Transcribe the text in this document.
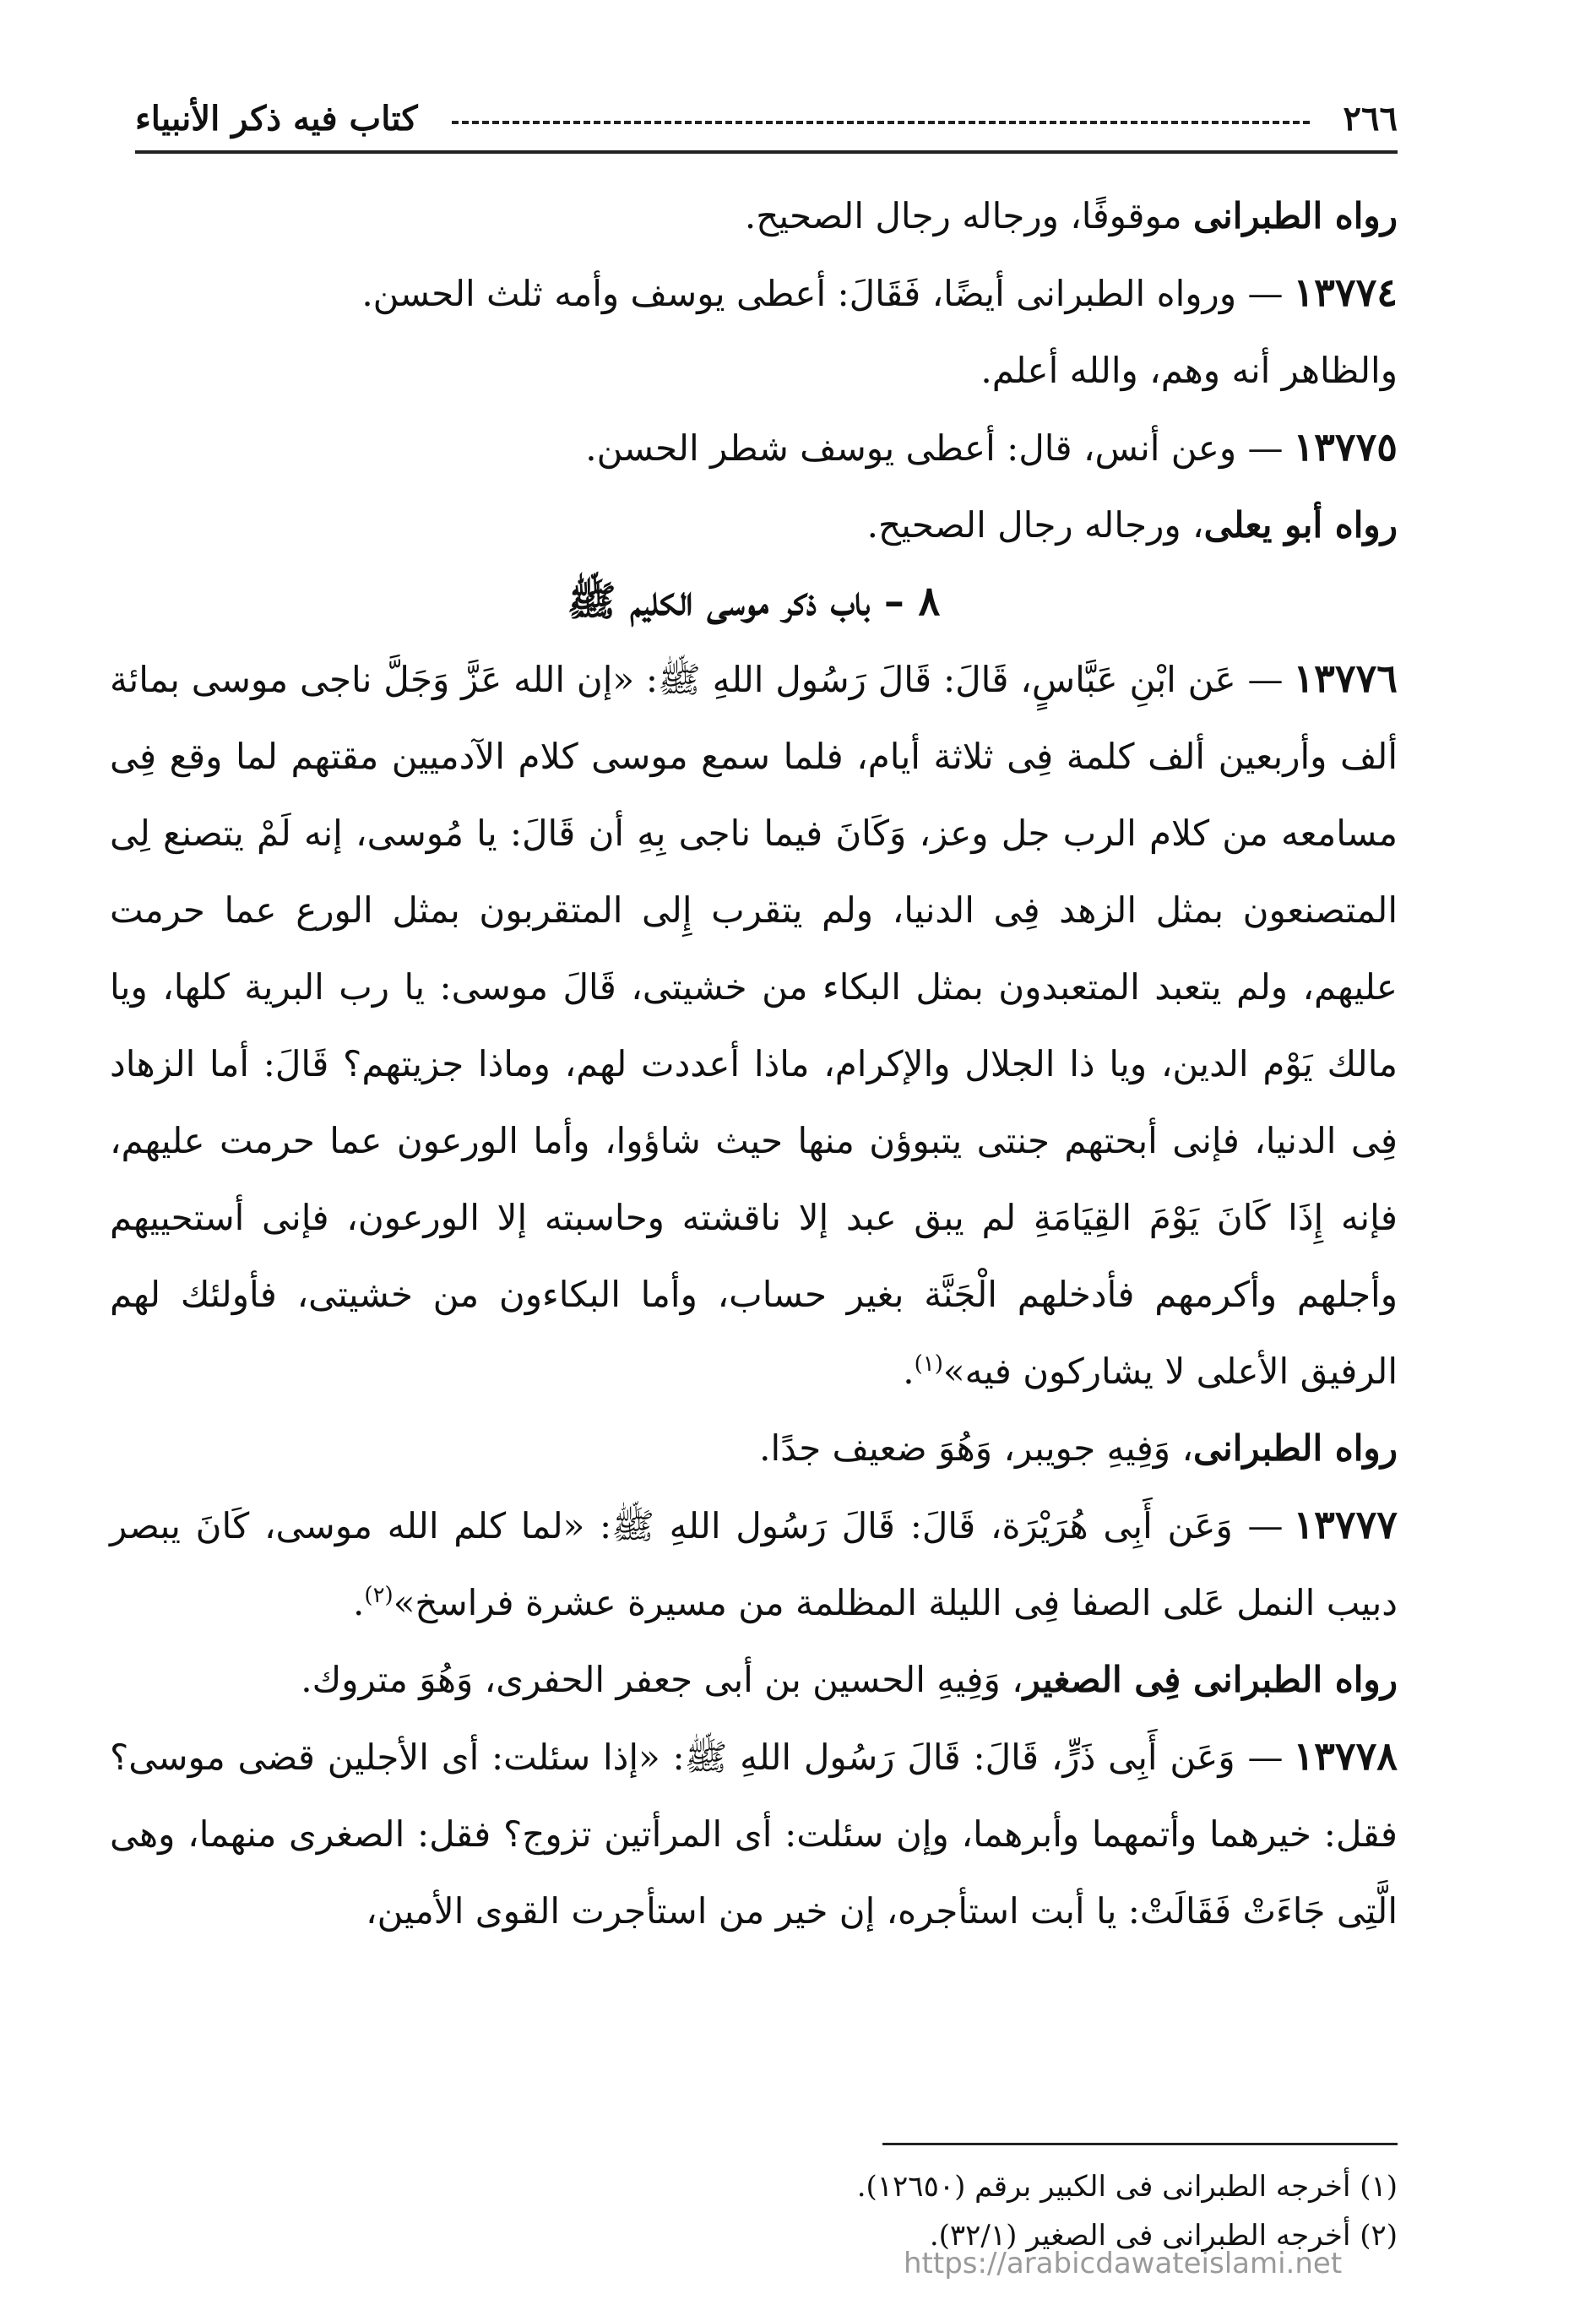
٢٦٦
كتاب فيه ذكر الأنبياء

رواه الطبرانى موقوفًا، ورجاله رجال الصحيح.

١٣٧٧٤— ورواه الطبرانى أيضًا، فَقَالَ: أعطى يوسف وأمه ثلث الحسن.

والظاهر أنه وهم، والله أعلم.

١٣٧٧٥— وعن أنس، قال: أعطى يوسف شطر الحسن.

رواه أبو يعلى، ورجاله رجال الصحيح.

٨ – باب ذكر موسى الكليم ﷺ

١٣٧٧٦— عَن ابْنِ عَبَّاسٍ، قَالَ: قَالَ رَسُول اللهِ ﷺ: «إن الله عَزَّ وَجَلَّ ناجى موسى بمائة ألف وأربعين ألف كلمة فِى ثلاثة أيام، فلما سمع موسى كلام الآدميين مقتهم لما وقع فِى مسامعه من كلام الرب جل وعز، وَكَانَ فيما ناجى بِهِ أن قَالَ: يا مُوسى، إنه لَمْ يتصنع لِى المتصنعون بمثل الزهد فِى الدنيا، ولم يتقرب إِلى المتقربون بمثل الورع عما حرمت عليهم، ولم يتعبد المتعبدون بمثل البكاء من خشيتى، قَالَ موسى: يا رب البرية كلها، ويا مالك يَوْم الدين، ويا ذا الجلال والإكرام، ماذا أعددت لهم، وماذا جزيتهم؟ قَالَ: أما الزهاد فِى الدنيا، فإنى أبحتهم جنتى يتبوؤن منها حيث شاؤوا، وأما الورعون عما حرمت عليهم، فإنه إِذَا كَانَ يَوْمَ القِيَامَةِ لم يبق عبد إلا ناقشته وحاسبته إلا الورعون، فإنى أستحييهم وأجلهم وأكرمهم فأدخلهم الْجَنَّة بغير حساب، وأما البكاءون من خشيتى، فأولئك لهم الرفيق الأعلى لا يشاركون فيه»$^{(١)}$.

رواه الطبرانى، وَفِيهِ جويبر، وَهُوَ ضعيف جدًا.

١٣٧٧٧— وَعَن أَبِى هُرَيْرَة، قَالَ: قَالَ رَسُول اللهِ ﷺ: «لما كلم الله موسى، كَانَ يبصر دبيب النمل عَلى الصفا فِى الليلة المظلمة من مسيرة عشرة فراسخ»$^{(٢)}$.

رواه الطبرانى فِى الصغير، وَفِيهِ الحسين بن أبى جعفر الحفرى، وَهُوَ متروك.

١٣٧٧٨— وَعَن أَبِى ذَرٍّ، قَالَ: قَالَ رَسُول اللهِ ﷺ: «إذا سئلت: أى الأجلين قضى موسى؟ فقل: خيرهما وأتمهما وأبرهما، وإن سئلت: أى المرأتين تزوج؟ فقل: الصغرى منهما، وهى الَّتِى جَاءَتْ فَقَالَتْ: يا أبت استأجره، إن خير من استأجرت القوى الأمين،

(١) أخرجه الطبرانى فى الكبير برقم (١٢٦٥٠).

(٢) أخرجه الطبرانى فى الصغير (٣٢/١).

https://arabicdawateislami.net
